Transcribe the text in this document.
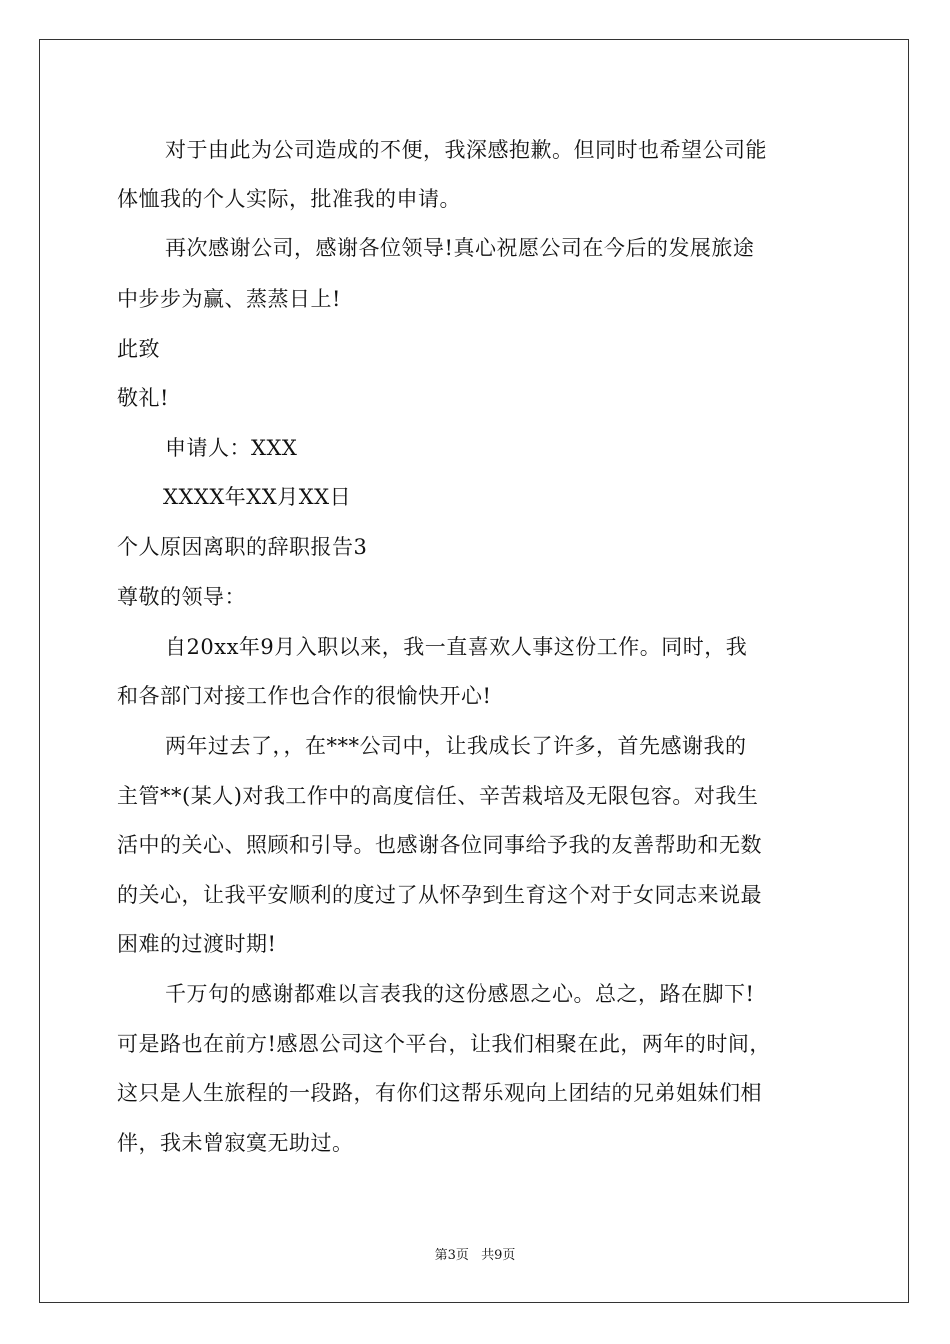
对于由此为公司造成的不便，我深感抱歉。但同时也希望公司能
体恤我的个人实际，批准我的申请。
再次感谢公司，感谢各位领导!真心祝愿公司在今后的发展旅途
中步步为赢、蒸蒸日上!
此致
敬礼!
申请人：XXX
XXXX年XX月XX日
个人原因离职的辞职报告3
尊敬的领导：
自20xx年9月入职以来，我一直喜欢人事这份工作。同时，我
和各部门对接工作也合作的很愉快开心!
两年过去了，，在***公司中，让我成长了许多，首先感谢我的
主管**(某人)对我工作中的高度信任、辛苦栽培及无限包容。对我生
活中的关心、照顾和引导。也感谢各位同事给予我的友善帮助和无数
的关心，让我平安顺利的度过了从怀孕到生育这个对于女同志来说最
困难的过渡时期!
千万句的感谢都难以言表我的这份感恩之心。总之，路在脚下!
可是路也在前方!感恩公司这个平台，让我们相聚在此，两年的时间，
这只是人生旅程的一段路，有你们这帮乐观向上团结的兄弟姐妹们相
伴，我未曾寂寞无助过。
第3页 共9页
